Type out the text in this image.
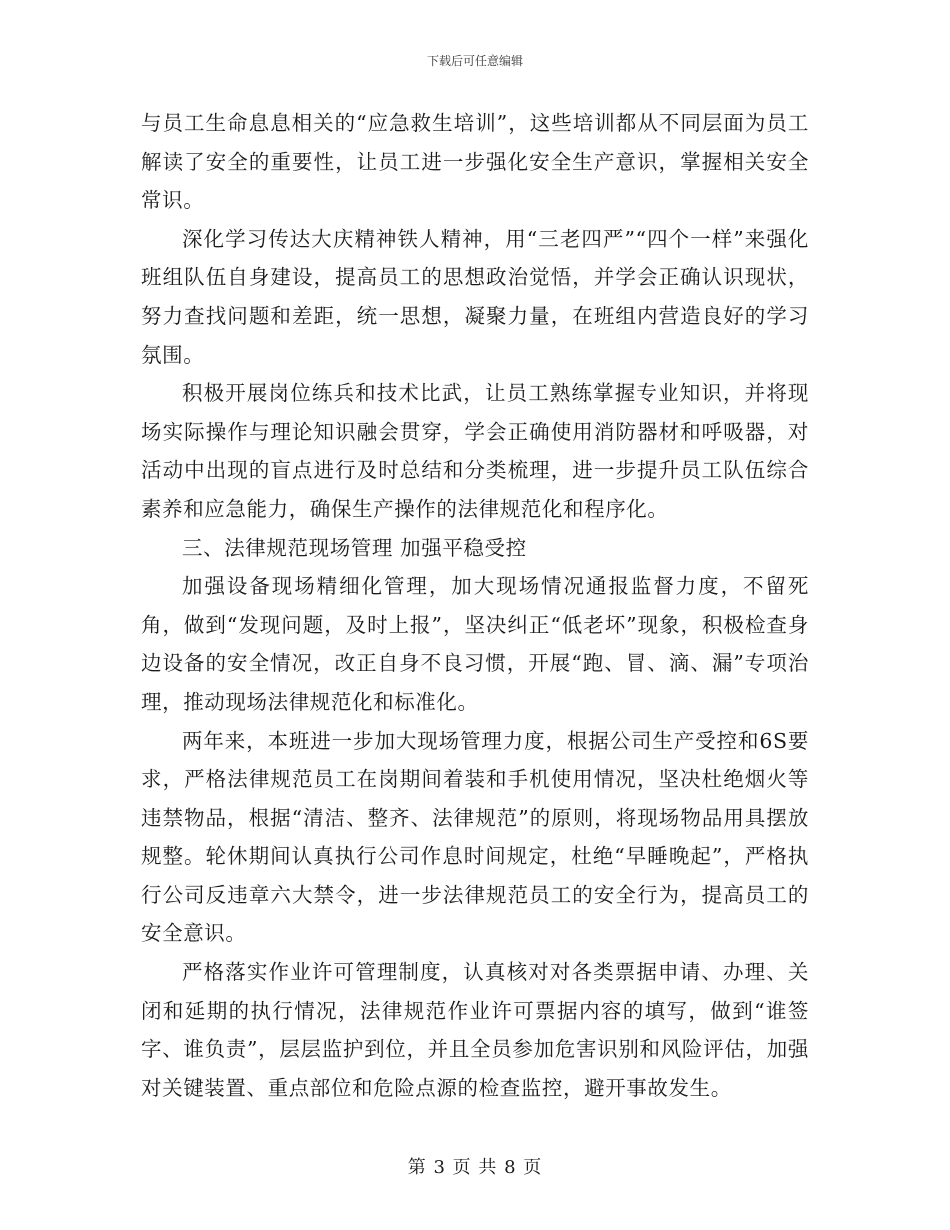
下载后可任意编辑

与员工生命息息相关的“应急救生培训”，这些培训都从不同层面为员工解读了安全的重要性，让员工进一步强化安全生产意识，掌握相关安全常识。

深化学习传达大庆精神铁人精神，用“三老四严”“四个一样”来强化班组队伍自身建设，提高员工的思想政治觉悟，并学会正确认识现状，努力查找问题和差距，统一思想，凝聚力量，在班组内营造良好的学习氛围。

积极开展岗位练兵和技术比武，让员工熟练掌握专业知识，并将现场实际操作与理论知识融会贯穿，学会正确使用消防器材和呼吸器，对活动中出现的盲点进行及时总结和分类梳理，进一步提升员工队伍综合素养和应急能力，确保生产操作的法律规范化和程序化。

三、法律规范现场管理 加强平稳受控

加强设备现场精细化管理，加大现场情况通报监督力度，不留死角，做到“发现问题，及时上报”，坚决纠正“低老坏”现象，积极检查身边设备的安全情况，改正自身不良习惯，开展“跑、冒、滴、漏”专项治理，推动现场法律规范化和标准化。

两年来，本班进一步加大现场管理力度，根据公司生产受控和6S要求，严格法律规范员工在岗期间着装和手机使用情况，坚决杜绝烟火等违禁物品，根据“清洁、整齐、法律规范”的原则，将现场物品用具摆放规整。轮休期间认真执行公司作息时间规定，杜绝“早睡晚起”，严格执行公司反违章六大禁令，进一步法律规范员工的安全行为，提高员工的安全意识。

严格落实作业许可管理制度，认真核对对各类票据申请、办理、关闭和延期的执行情况，法律规范作业许可票据内容的填写，做到“谁签字、谁负责”，层层监护到位，并且全员参加危害识别和风险评估，加强对关键装置、重点部位和危险点源的检查监控，避开事故发生。

第 3 页 共 8 页
